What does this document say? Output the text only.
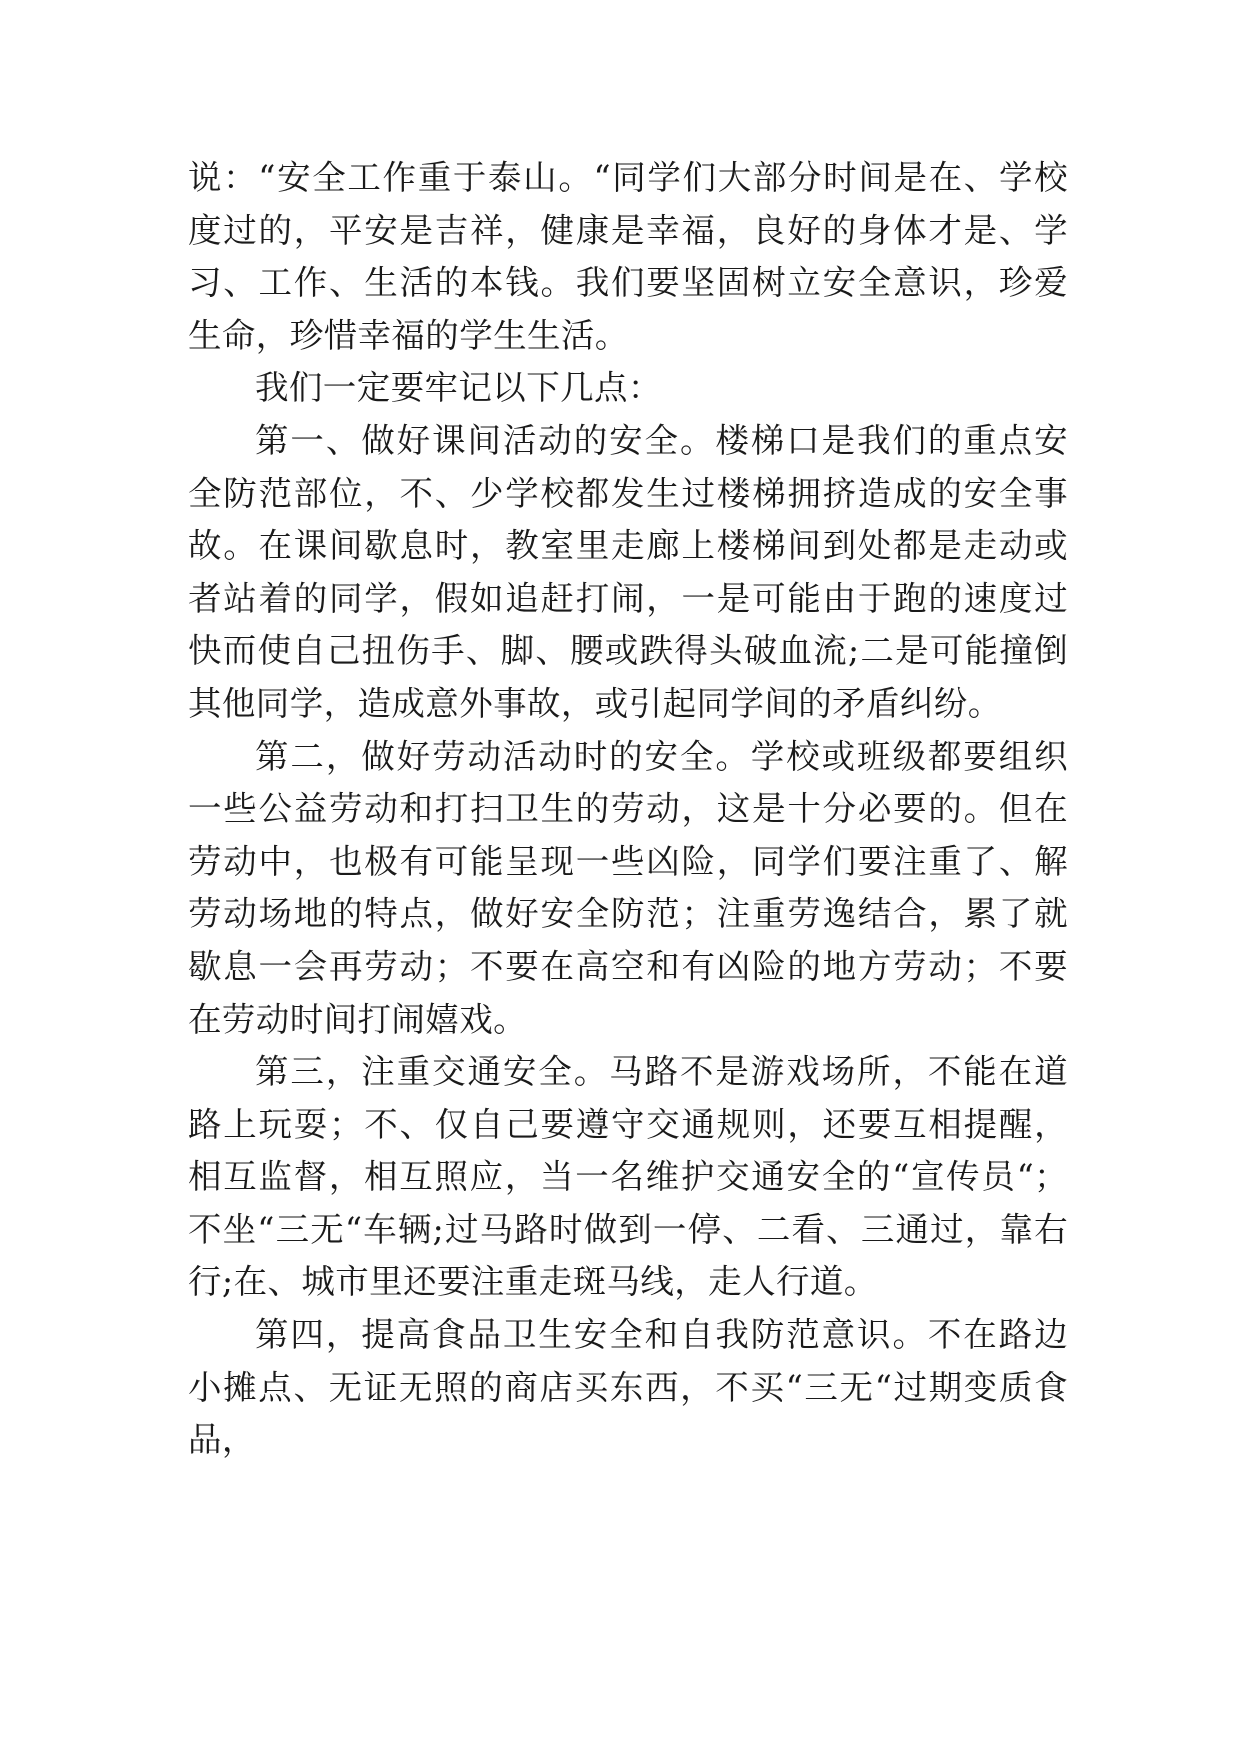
说：“安全工作重于泰山。“同学们大部分时间是在、学校度过的，平安是吉祥，健康是幸福，良好的身体才是、学习、工作、生活的本钱。我们要坚固树立安全意识，珍爱生命，珍惜幸福的学生生活。

我们一定要牢记以下几点：

第一、做好课间活动的安全。楼梯口是我们的重点安全防范部位，不、少学校都发生过楼梯拥挤造成的安全事故。在课间歇息时，教室里走廊上楼梯间到处都是走动或者站着的同学，假如追赶打闹，一是可能由于跑的速度过快而使自己扭伤手、脚、腰或跌得头破血流;二是可能撞倒其他同学，造成意外事故，或引起同学间的矛盾纠纷。

第二，做好劳动活动时的安全。学校或班级都要组织一些公益劳动和打扫卫生的劳动，这是十分必要的。但在劳动中，也极有可能呈现一些凶险，同学们要注重了、解劳动场地的特点，做好安全防范；注重劳逸结合，累了就歇息一会再劳动；不要在高空和有凶险的地方劳动；不要在劳动时间打闹嬉戏。

第三，注重交通安全。马路不是游戏场所，不能在道路上玩耍；不、仅自己要遵守交通规则，还要互相提醒，相互监督，相互照应，当一名维护交通安全的“宣传员“；不坐“三无“车辆;过马路时做到一停、二看、三通过，靠右行;在、城市里还要注重走斑马线，走人行道。

第四，提高食品卫生安全和自我防范意识。不在路边小摊点、无证无照的商店买东西，不买“三无“过期变质食品，
